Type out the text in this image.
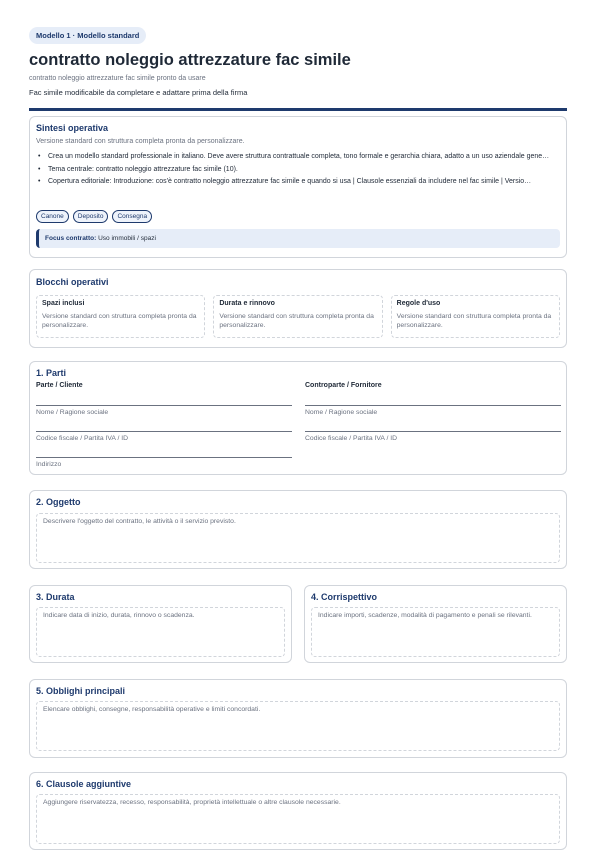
Modello 1 · Modello standard
contratto noleggio attrezzature fac simile
contratto noleggio attrezzature fac simile pronto da usare
Fac simile modificabile da completare e adattare prima della firma
Sintesi operativa
Versione standard con struttura completa pronta da personalizzare.
• Crea un modello standard professionale in italiano. Deve avere struttura contrattuale completa, tono formale e gerarchia chiara, adatto a un uso aziendale gene…
• Tema centrale: contratto noleggio attrezzature fac simile (10).
• Copertura editoriale: Introduzione: cos'è contratto noleggio attrezzature fac simile e quando si usa | Clausole essenziali da includere nel fac simile | Versio…
Canone	Deposito	Consegna
Focus contratto: Uso immobili / spazi
Blocchi operativi
Spazi inclusi
Versione standard con struttura completa pronta da personalizzare.
Durata e rinnovo
Versione standard con struttura completa pronta da personalizzare.
Regole d'uso
Versione standard con struttura completa pronta da personalizzare.
1. Parti
Parte / Cliente
Nome / Ragione sociale
Codice fiscale / Partita IVA / ID
Indirizzo
Controparte / Fornitore
Nome / Ragione sociale
Codice fiscale / Partita IVA / ID
2. Oggetto
Descrivere l'oggetto del contratto, le attività o il servizio previsto.
3. Durata
Indicare data di inizio, durata, rinnovo o scadenza.
4. Corrispettivo
Indicare importi, scadenze, modalità di pagamento e penali se rilevanti.
5. Obblighi principali
Elencare obblighi, consegne, responsabilità operative e limiti concordati.
6. Clausole aggiuntive
Aggiungere riservatezza, recesso, responsabilità, proprietà intellettuale o altre clausole necessarie.
